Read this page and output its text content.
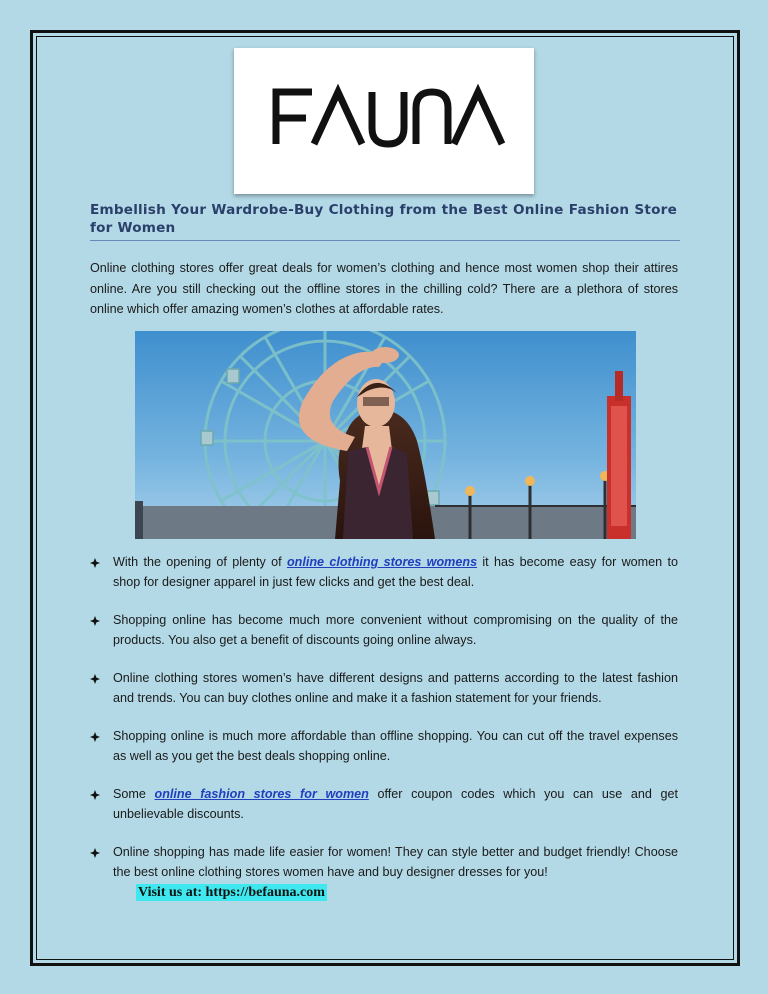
Embellish Your Wardrobe-Buy Clothing from the Best Online Fashion Store for Women

Online clothing stores offer great deals for women’s clothing and hence most women shop their attires online. Are you still checking out the offline stores in the chilling cold? There are a plethora of stores online which offer amazing women’s clothes at affordable rates.

With the opening of plenty of online clothing stores womens it has become easy for women to shop for designer apparel in just few clicks and get the best deal.
Shopping online has become much more convenient without compromising on the quality of the products. You also get a benefit of discounts going online always.
Online clothing stores women’s have different designs and patterns according to the latest fashion and trends. You can buy clothes online and make it a fashion statement for your friends.
Shopping online is much more affordable than offline shopping. You can cut off the travel expenses as well as you get the best deals shopping online.
Some online fashion stores for women offer coupon codes which you can use and get unbelievable discounts.
Online shopping has made life easier for women! They can style better and budget friendly! Choose the best online clothing stores women have and buy designer dresses for you!
Visit us at: https://befauna.com
